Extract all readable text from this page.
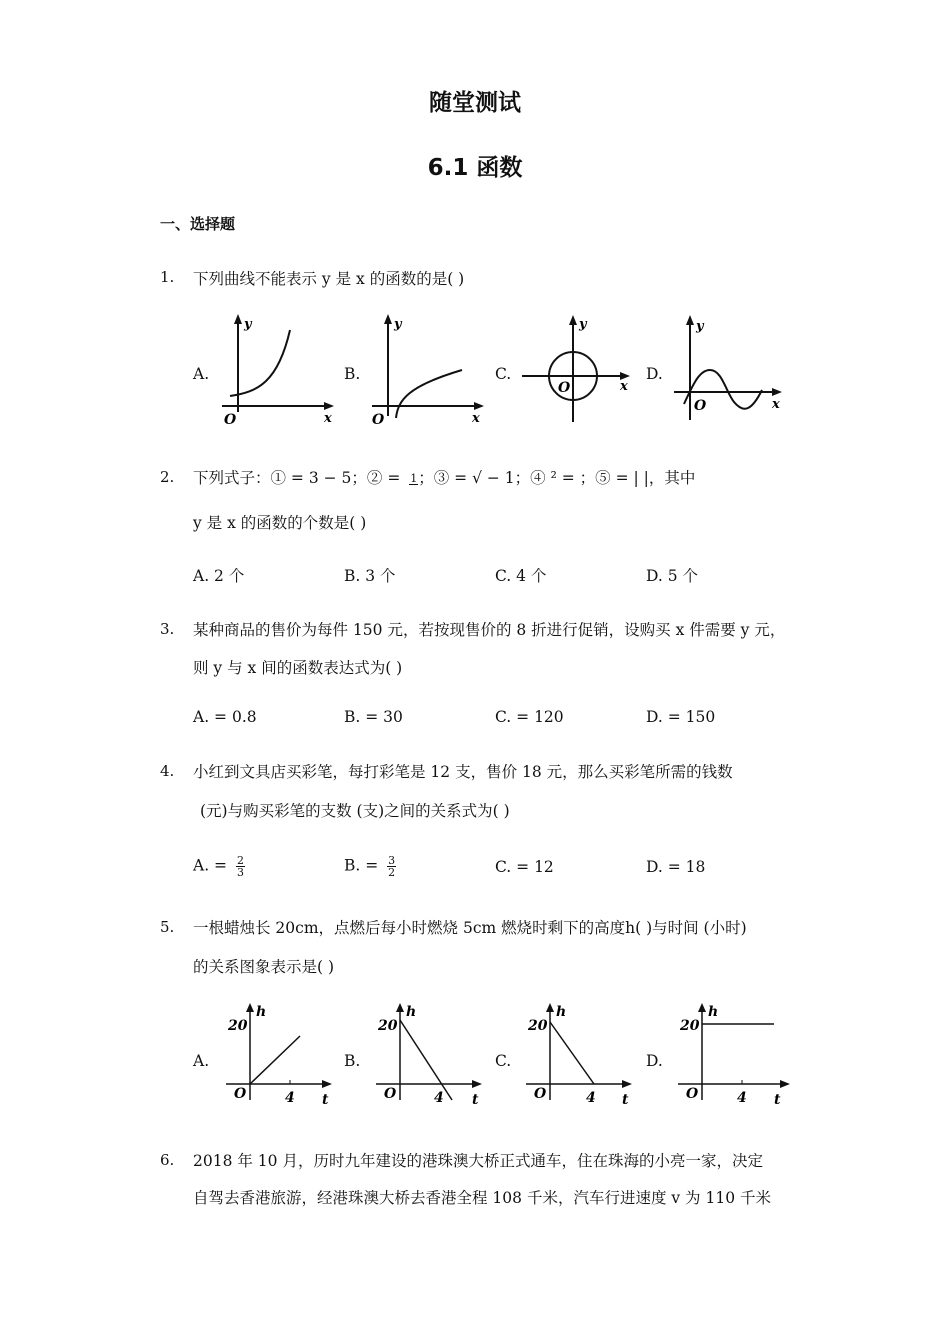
随堂测试
6.1 函数
一、选择题
1. 下列曲线不能表示 y 是 x 的函数的是( )
A.
y
x
O
B.
y
x
O
C.
y
x
O
D.
y
x
O
2. 下列式子：① = 3 − 5；② = 1 ；③ = √ − 1；④ ² = ；⑤ = | |，其中
y 是 x 的函数的个数是( )
A. 2 个	B. 3 个	C. 4 个	D. 5 个
3. 某种商品的售价为每件 150 元，若按现售价的 8 折进行促销，设购买 x 件需要 y 元，
则 y 与 x 间的函数表达式为( )
A. = 0.8	B. = 30	C. = 120	D. = 150
4. 小红到文具店买彩笔，每打彩笔是 12 支，售价 18 元，那么买彩笔所需的钱数
(元)与购买彩笔的支数 (支)之间的关系式为( )
A. = $\frac{2}{3}$	B. = $\frac{3}{2}$	C. = 12	D. = 18
5. 一根蜡烛长 20cm，点燃后每小时燃烧 5cm 燃烧时剩下的高度h( )与时间 (小时)
的关系图象表示是( )
A.
h
20
O	4 t
B.
h
20
O	4 t
C.
h
20
O	4 t
D.
h
20
O	4 t
6. 2018 年 10 月，历时九年建设的港珠澳大桥正式通车，住在珠海的小亮一家，决定
自驾去香港旅游，经港珠澳大桥去香港全程 108 千米，汽车行进速度 v 为 110 千米
